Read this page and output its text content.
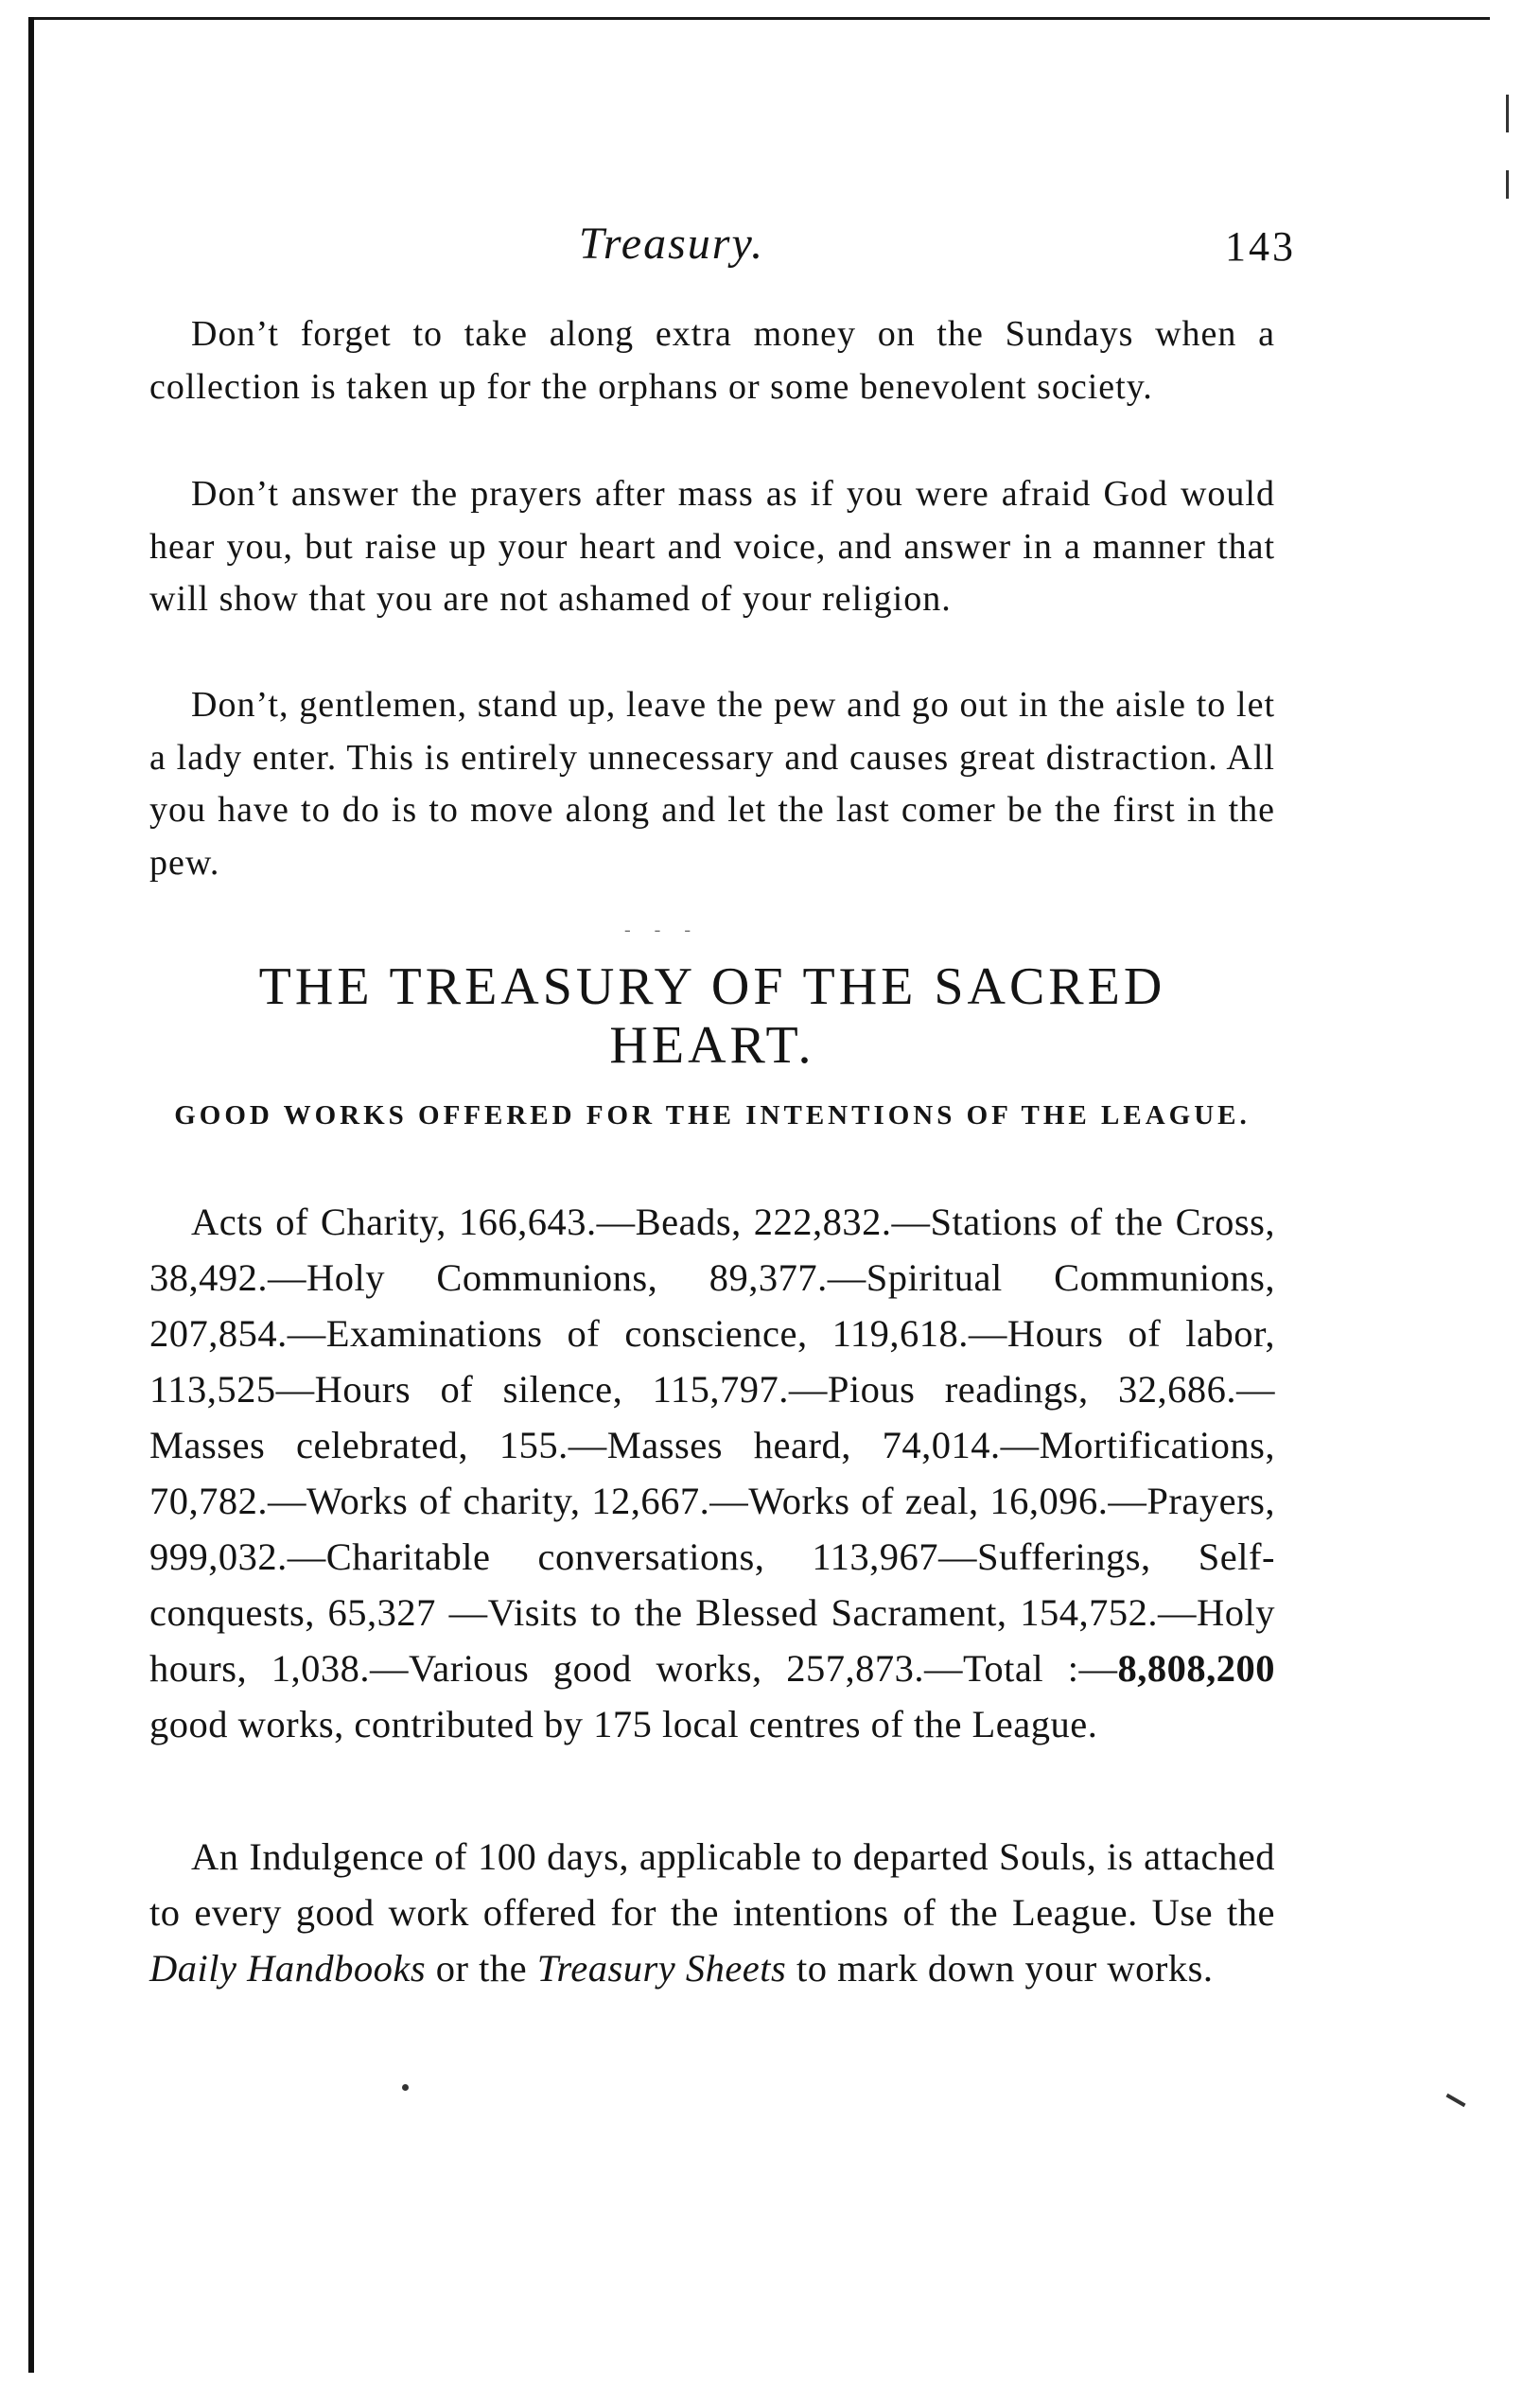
Treasury.	143

Don’t forget to take along extra money on the Sundays when a collection is taken up for the orphans or some benevolent society.

Don’t answer the prayers after mass as if you were afraid God would hear you, but raise up your heart and voice, and answer in a manner that will show that you are not ashamed of your religion.

Don’t, gentlemen, stand up, leave the pew and go out in the aisle to let a lady enter. This is entirely unnecessary and causes great distraction. All you have to do is to move along and let the last comer be the first in the pew.

‐ ‐ ‐
THE TREASURY OF THE SACRED HEART.
GOOD WORKS OFFERED FOR THE INTENTIONS OF THE LEAGUE.

Acts of Charity, 166,643.—Beads, 222,832.—Stations of the Cross, 38,492.—Holy Communions, 89,377.—Spiritual Communions, 207,854.—Examinations of conscience, 119,618.—Hours of labor, 113,525—Hours of silence, 115,797.—Pious readings, 32,686.—Masses celebrated, 155.—Masses heard, 74,014.—Mortifications, 70,782.—Works of charity, 12,667.—Works of zeal, 16,096.—Prayers, 999,032.—Charitable conversations, 113,967—Sufferings, Self-conquests, 65,327 —Visits to the Blessed Sacrament, 154,752.—Holy hours, 1,038.—Various good works, 257,873.—Total :—8,808,200 good works, contributed by 175 local centres of the League.

An Indulgence of 100 days, applicable to departed Souls, is attached to every good work offered for the intentions of the League. Use the Daily Handbooks or the Treasury Sheets to mark down your works.
